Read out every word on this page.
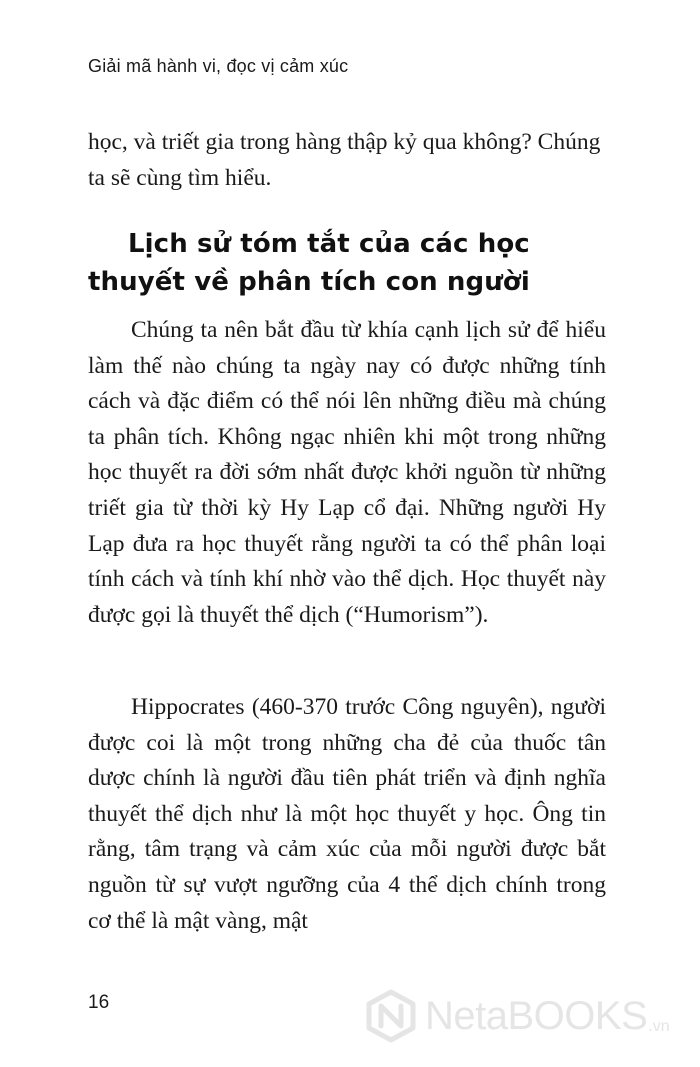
Giải mã hành vi, đọc vị cảm xúc

học, và triết gia trong hàng thập kỷ qua không? Chúng ta sẽ cùng tìm hiểu.

Lịch sử tóm tắt của các học thuyết về phân tích con người

Chúng ta nên bắt đầu từ khía cạnh lịch sử để hiểu làm thế nào chúng ta ngày nay có được những tính cách và đặc điểm có thể nói lên những điều mà chúng ta phân tích. Không ngạc nhiên khi một trong những học thuyết ra đời sớm nhất được khởi nguồn từ những triết gia từ thời kỳ Hy Lạp cổ đại. Những người Hy Lạp đưa ra học thuyết rằng người ta có thể phân loại tính cách và tính khí nhờ vào thể dịch. Học thuyết này được gọi là thuyết thể dịch (“Humorism”).

Hippocrates (460-370 trước Công nguyên), người được coi là một trong những cha đẻ của thuốc tân dược chính là người đầu tiên phát triển và định nghĩa thuyết thể dịch như là một học thuyết y học. Ông tin rằng, tâm trạng và cảm xúc của mỗi người được bắt nguồn từ sự vượt ngưỡng của 4 thể dịch chính trong cơ thể là mật vàng, mật

16	NetaBOOKS .vn
